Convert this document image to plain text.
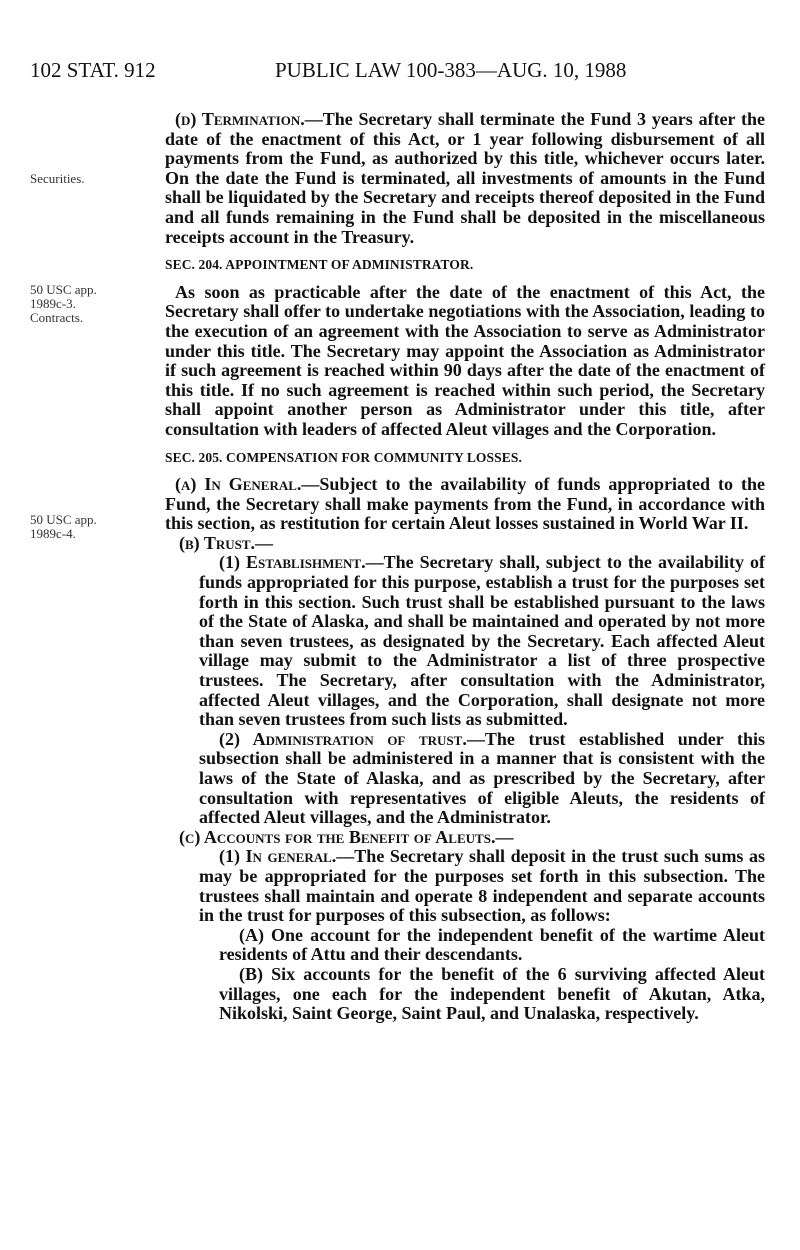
102 STAT. 912	PUBLIC LAW 100-383—AUG. 10, 1988
Securities.
50 USC app.
1989c-3.
Contracts.
50 USC app.
1989c-4.

(d) Termination.—The Secretary shall terminate the Fund 3 years after the date of the enactment of this Act, or 1 year following disbursement of all payments from the Fund, as authorized by this title, whichever occurs later. On the date the Fund is terminated, all investments of amounts in the Fund shall be liquidated by the Secretary and receipts thereof deposited in the Fund and all funds remaining in the Fund shall be deposited in the miscellaneous receipts account in the Treasury.

SEC. 204. APPOINTMENT OF ADMINISTRATOR.

As soon as practicable after the date of the enactment of this Act, the Secretary shall offer to undertake negotiations with the Association, leading to the execution of an agreement with the Association to serve as Administrator under this title. The Secretary may appoint the Association as Administrator if such agreement is reached within 90 days after the date of the enactment of this title. If no such agreement is reached within such period, the Secretary shall appoint another person as Administrator under this title, after consultation with leaders of affected Aleut villages and the Corporation.

SEC. 205. COMPENSATION FOR COMMUNITY LOSSES.

(a) In General.—Subject to the availability of funds appropriated to the Fund, the Secretary shall make payments from the Fund, in accordance with this section, as restitution for certain Aleut losses sustained in World War II.

(b) Trust.—

(1) Establishment.—The Secretary shall, subject to the availability of funds appropriated for this purpose, establish a trust for the purposes set forth in this section. Such trust shall be established pursuant to the laws of the State of Alaska, and shall be maintained and operated by not more than seven trustees, as designated by the Secretary. Each affected Aleut village may submit to the Administrator a list of three prospective trustees. The Secretary, after consultation with the Administrator, affected Aleut villages, and the Corporation, shall designate not more than seven trustees from such lists as submitted.

(2) Administration of trust.—The trust established under this subsection shall be administered in a manner that is consistent with the laws of the State of Alaska, and as prescribed by the Secretary, after consultation with representatives of eligible Aleuts, the residents of affected Aleut villages, and the Administrator.

(c) Accounts for the Benefit of Aleuts.—

(1) In general.—The Secretary shall deposit in the trust such sums as may be appropriated for the purposes set forth in this subsection. The trustees shall maintain and operate 8 independent and separate accounts in the trust for purposes of this subsection, as follows:

(A) One account for the independent benefit of the wartime Aleut residents of Attu and their descendants.

(B) Six accounts for the benefit of the 6 surviving affected Aleut villages, one each for the independent benefit of Akutan, Atka, Nikolski, Saint George, Saint Paul, and Unalaska, respectively.
